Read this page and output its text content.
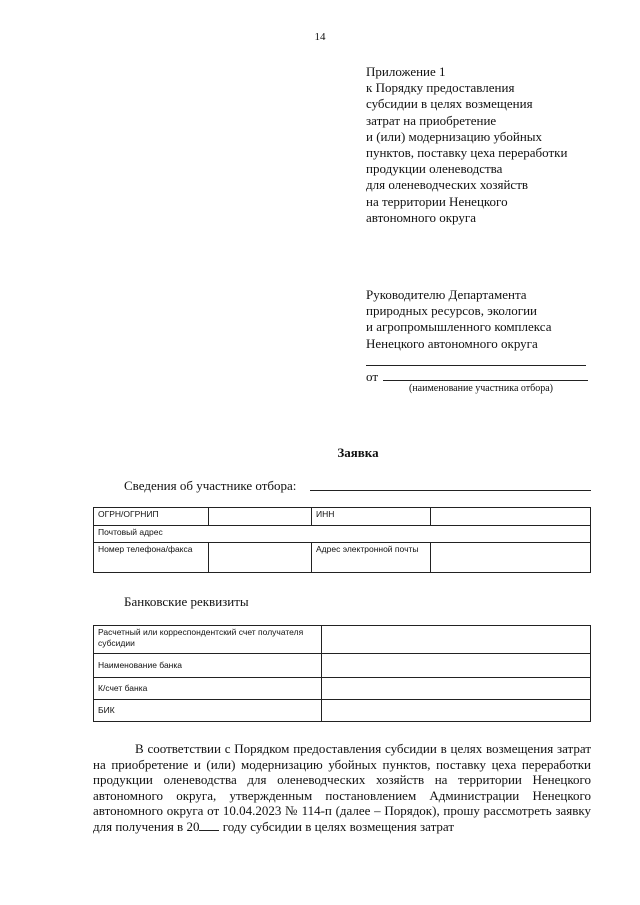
14
Приложение 1
к Порядку предоставления
субсидии в целях возмещения
затрат на приобретение
и (или) модернизацию убойных
пунктов, поставку цеха переработки
продукции оленеводства
для оленеводческих хозяйств
на территории Ненецкого
автономного округа
Руководителю Департамента
природных ресурсов, экологии
и агропромышленного комплекса
Ненецкого автономного округа
от
(наименование участника отбора)
Заявка
Сведения об участнике отбора:
ОГРН/ОГРНИП		ИНН	
Почтовый адрес			
Номер телефона/факса		Адрес электронной почты	
Банковские реквизиты
Расчетный или корреспондентский счет получателя субсидии	
Наименование банка	
К/счет банка	
БИК	
В соответствии с Порядком предоставления субсидии в целях возмещения затрат на приобретение и (или) модернизацию убойных пунктов, поставку цеха переработки продукции оленеводства для оленеводческих хозяйств на территории Ненецкого автономного округа, утвержденным постановлением Администрации Ненецкого автономного округа от 10.04.2023 № 114-п (далее – Порядок), прошу рассмотреть заявку для получения в 20 году субсидии в целях возмещения затрат
